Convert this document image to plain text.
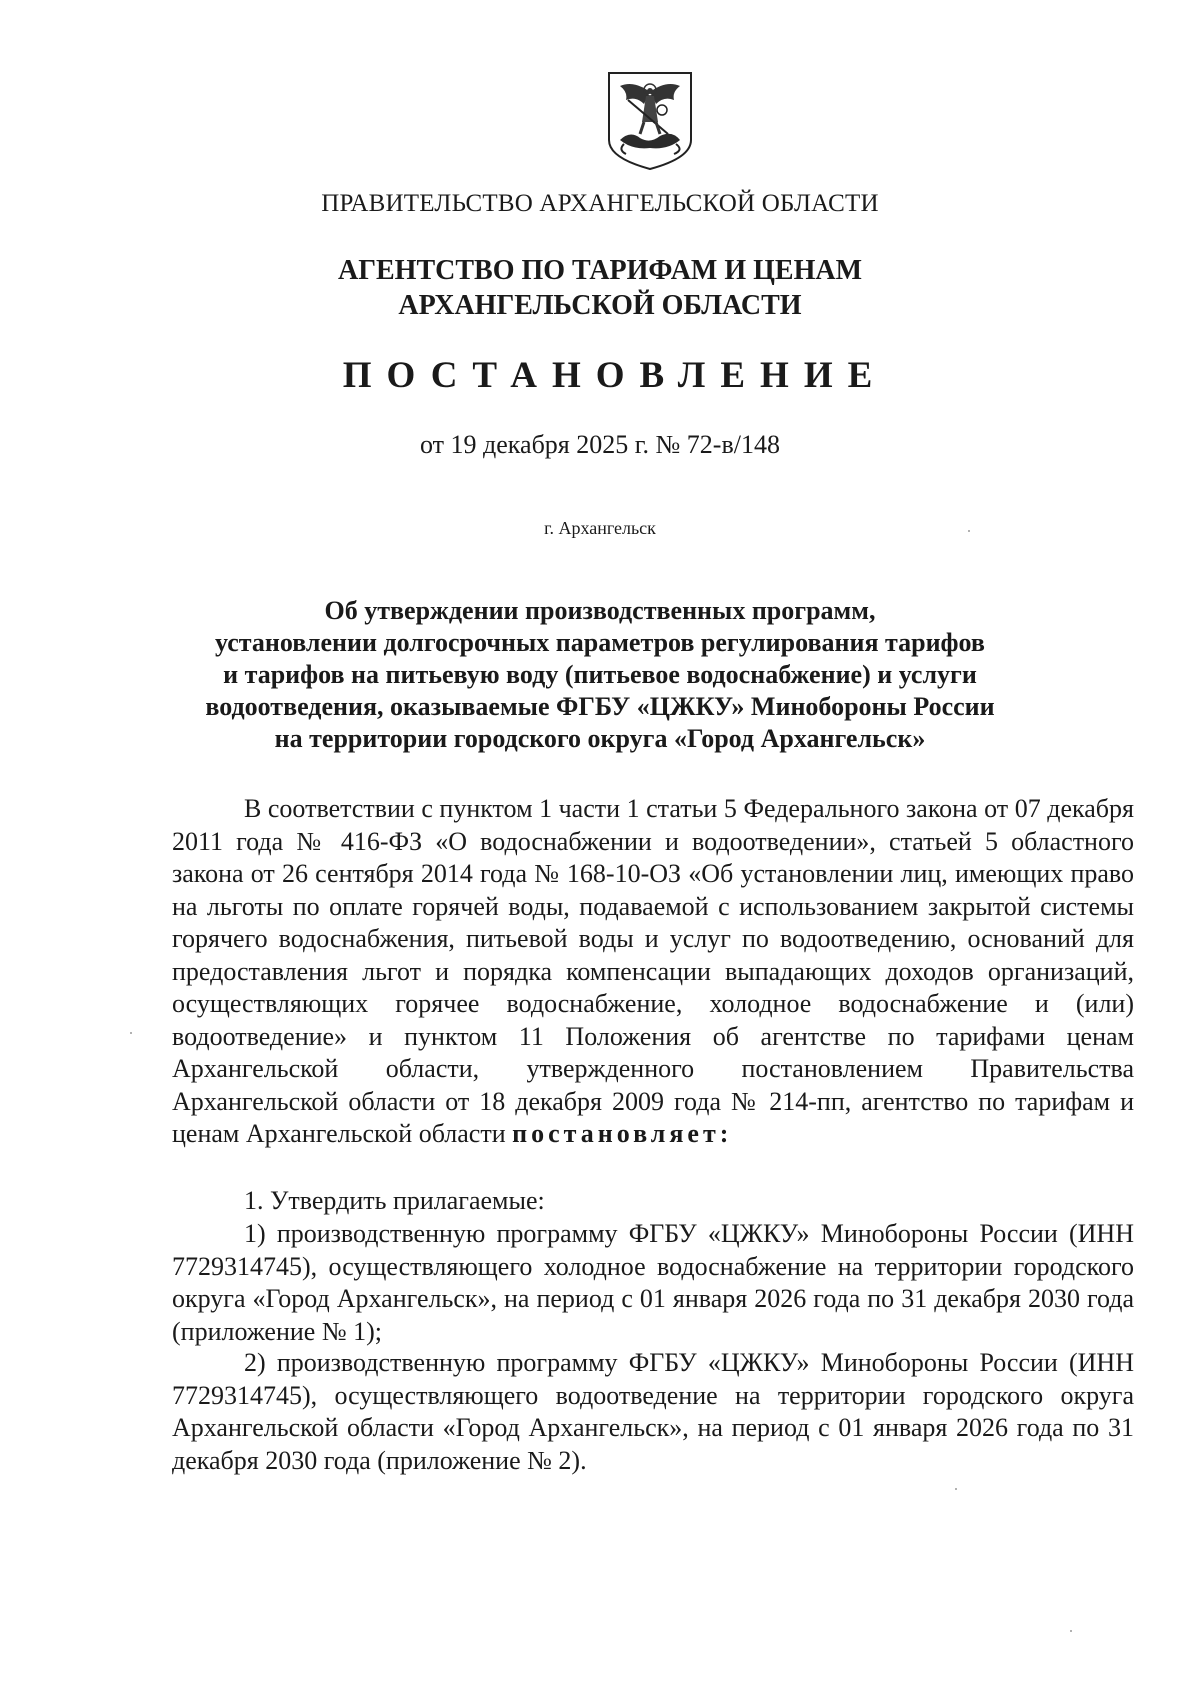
ПРАВИТЕЛЬСТВО АРХАНГЕЛЬСКОЙ ОБЛАСТИ
АГЕНТСТВО ПО ТАРИФАМ И ЦЕНАМ
АРХАНГЕЛЬСКОЙ ОБЛАСТИ
ПОСТАНОВЛЕНИЕ
от 19 декабря 2025 г. № 72-в/148
г. Архангельск
Об утверждении производственных программ,
установлении долгосрочных параметров регулирования тарифов
и тарифов на питьевую воду (питьевое водоснабжение) и услуги
водоотведения, оказываемые ФГБУ «ЦЖКУ» Минобороны России
на территории городского округа «Город Архангельск»

В соответствии с пунктом 1 части 1 статьи 5 Федерального закона от 07 декабря 2011 года № 416-ФЗ «О водоснабжении и водоотведении», статьей 5 областного закона от 26 сентября 2014 года № 168-10-ОЗ «Об установлении лиц, имеющих право на льготы по оплате горячей воды, подаваемой с использованием закрытой системы горячего водоснабжения, питьевой воды и услуг по водоотведению, оснований для предоставления льгот и порядка компенсации выпадающих доходов организаций, осуществляющих горячее водоснабжение, холодное водоснабжение и (или) водоотведение» и пунктом 11 Положения об агентстве по тарифами ценам Архангельской области, утвержденного постановлением Правительства Архангельской области от 18 декабря 2009 года № 214-пп, агентство по тарифам и ценам Архангельской области постановляет:

1. Утвердить прилагаемые:

1) производственную программу ФГБУ «ЦЖКУ» Минобороны России (ИНН 7729314745), осуществляющего холодное водоснабжение на территории городского округа «Город Архангельск», на период с 01 января 2026 года по 31 декабря 2030 года (приложение № 1);

2) производственную программу ФГБУ «ЦЖКУ» Минобороны России (ИНН 7729314745), осуществляющего водоотведение на территории городского округа Архангельской области «Город Архангельск», на период с 01 января 2026 года по 31 декабря 2030 года (приложение № 2).
